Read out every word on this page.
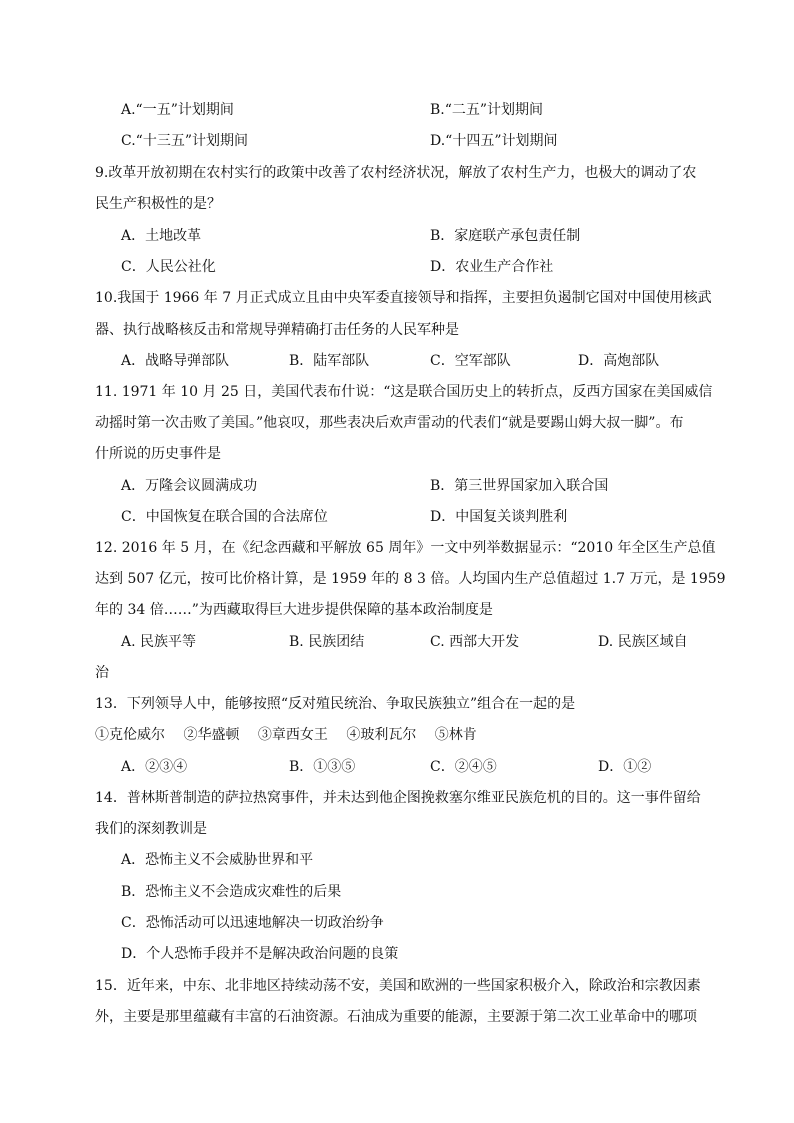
A.“一五”计划期间	B.“二五”计划期间
C.“十三五”计划期间	D.“十四五”计划期间
9.改革开放初期在农村实行的政策中改善了农村经济状况，解放了农村生产力，也极大的调动了农
民生产积极性的是？
A．土地改革	B．家庭联产承包责任制
C．人民公社化	D．农业生产合作社
10.我国于 1966 年 7 月正式成立且由中央军委直接领导和指挥，主要担负遏制它国对中国使用核武
器、执行战略核反击和常规导弹精确打击任务的人民军种是
A．战略导弹部队	B．陆军部队	C．空军部队	D．高炮部队
11. 1971 年 10 月 25 日，美国代表布什说：“这是联合国历史上的转折点，反西方国家在美国威信
动摇时第一次击败了美国。”他哀叹，那些表决后欢声雷动的代表们“就是要踢山姆大叔一脚”。布
什所说的历史事件是
A．万隆会议圆满成功	B．第三世界国家加入联合国
C．中国恢复在联合国的合法席位	D．中国复关谈判胜利
12. 2016 年 5 月，在《纪念西藏和平解放 65 周年》一文中列举数据显示：“2010 年全区生产总值
达到 507 亿元，按可比价格计算，是 1959 年的 8 3 倍。人均国内生产总值超过 1.7 万元，是 1959
年的 34 倍……”为西藏取得巨大进步提供保障的基本政治制度是
A. 民族平等	B. 民族团结	C. 西部大开发	D. 民族区域自
治
13．下列领导人中，能够按照“反对殖民统治、争取民族独立”组合在一起的是
①克伦威尔　 ②华盛顿　 ③章西女王　 ④玻利瓦尔　 ⑤林肯
A．②③④	B．①③⑤	C．②④⑤	D．①②
14．普林斯普制造的萨拉热窝事件，并未达到他企图挽救塞尔维亚民族危机的目的。这一事件留给
我们的深刻教训是
A．恐怖主义不会威胁世界和平
B．恐怖主义不会造成灾难性的后果
C．恐怖活动可以迅速地解决一切政治纷争
D．个人恐怖手段并不是解决政治问题的良策
15．近年来，中东、北非地区持续动荡不安，美国和欧洲的一些国家积极介入，除政治和宗教因素
外，主要是那里蕴藏有丰富的石油资源。石油成为重要的能源，主要源于第二次工业革命中的哪项
